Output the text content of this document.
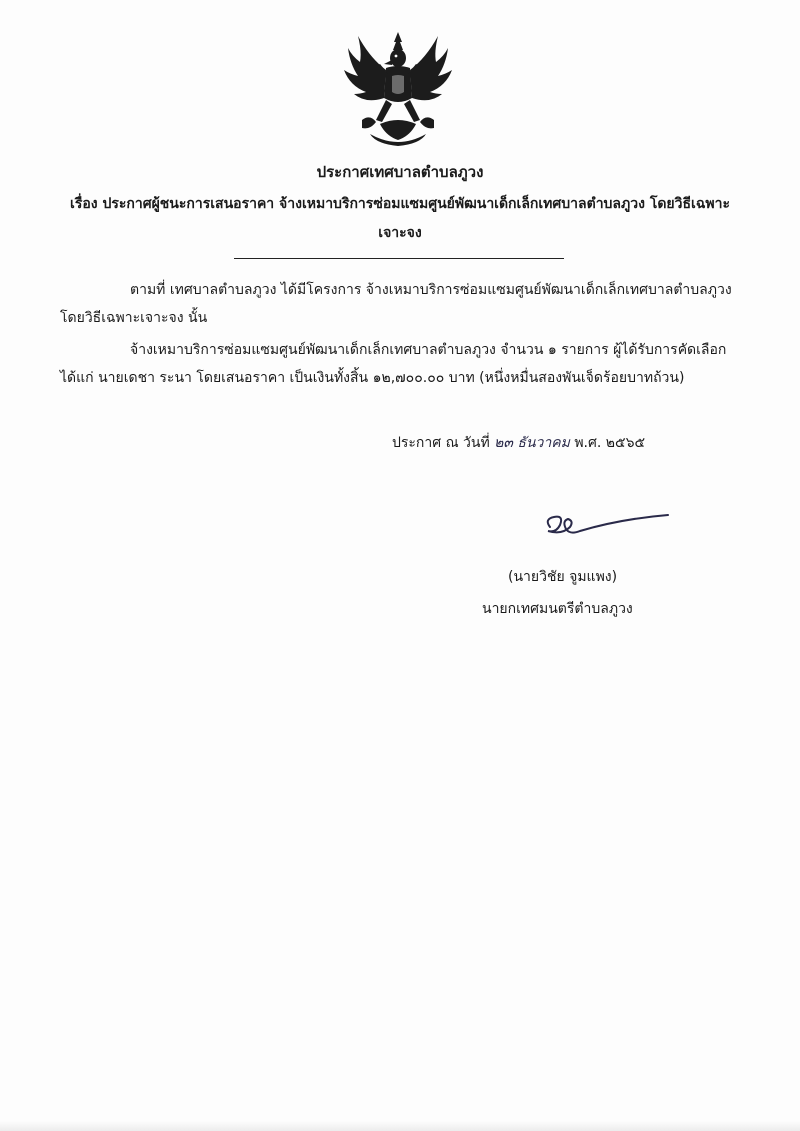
ประกาศเทศบาลตำบลภูวง
เรื่อง ประกาศผู้ชนะการเสนอราคา จ้างเหมาบริการซ่อมแซมศูนย์พัฒนาเด็กเล็กเทศบาลตำบลภูวง โดยวิธีเฉพาะ
เจาะจง
ตามที่ เทศบาลตำบลภูวง ได้มีโครงการ จ้างเหมาบริการซ่อมแซมศูนย์พัฒนาเด็กเล็กเทศบาลตำบลภูวง
โดยวิธีเฉพาะเจาะจง นั้น
จ้างเหมาบริการซ่อมแซมศูนย์พัฒนาเด็กเล็กเทศบาลตำบลภูวง จำนวน ๑ รายการ ผู้ได้รับการคัดเลือก
ได้แก่ นายเดชา ระนา โดยเสนอราคา เป็นเงินทั้งสิ้น ๑๒,๗๐๐.๐๐ บาท (หนึ่งหมื่นสองพันเจ็ดร้อยบาทถ้วน)
ประกาศ ณ วันที่ ๒๓ ธันวาคม พ.ศ. ๒๕๖๕
(นายวิชัย จูมแพง)
นายกเทศมนตรีตำบลภูวง
